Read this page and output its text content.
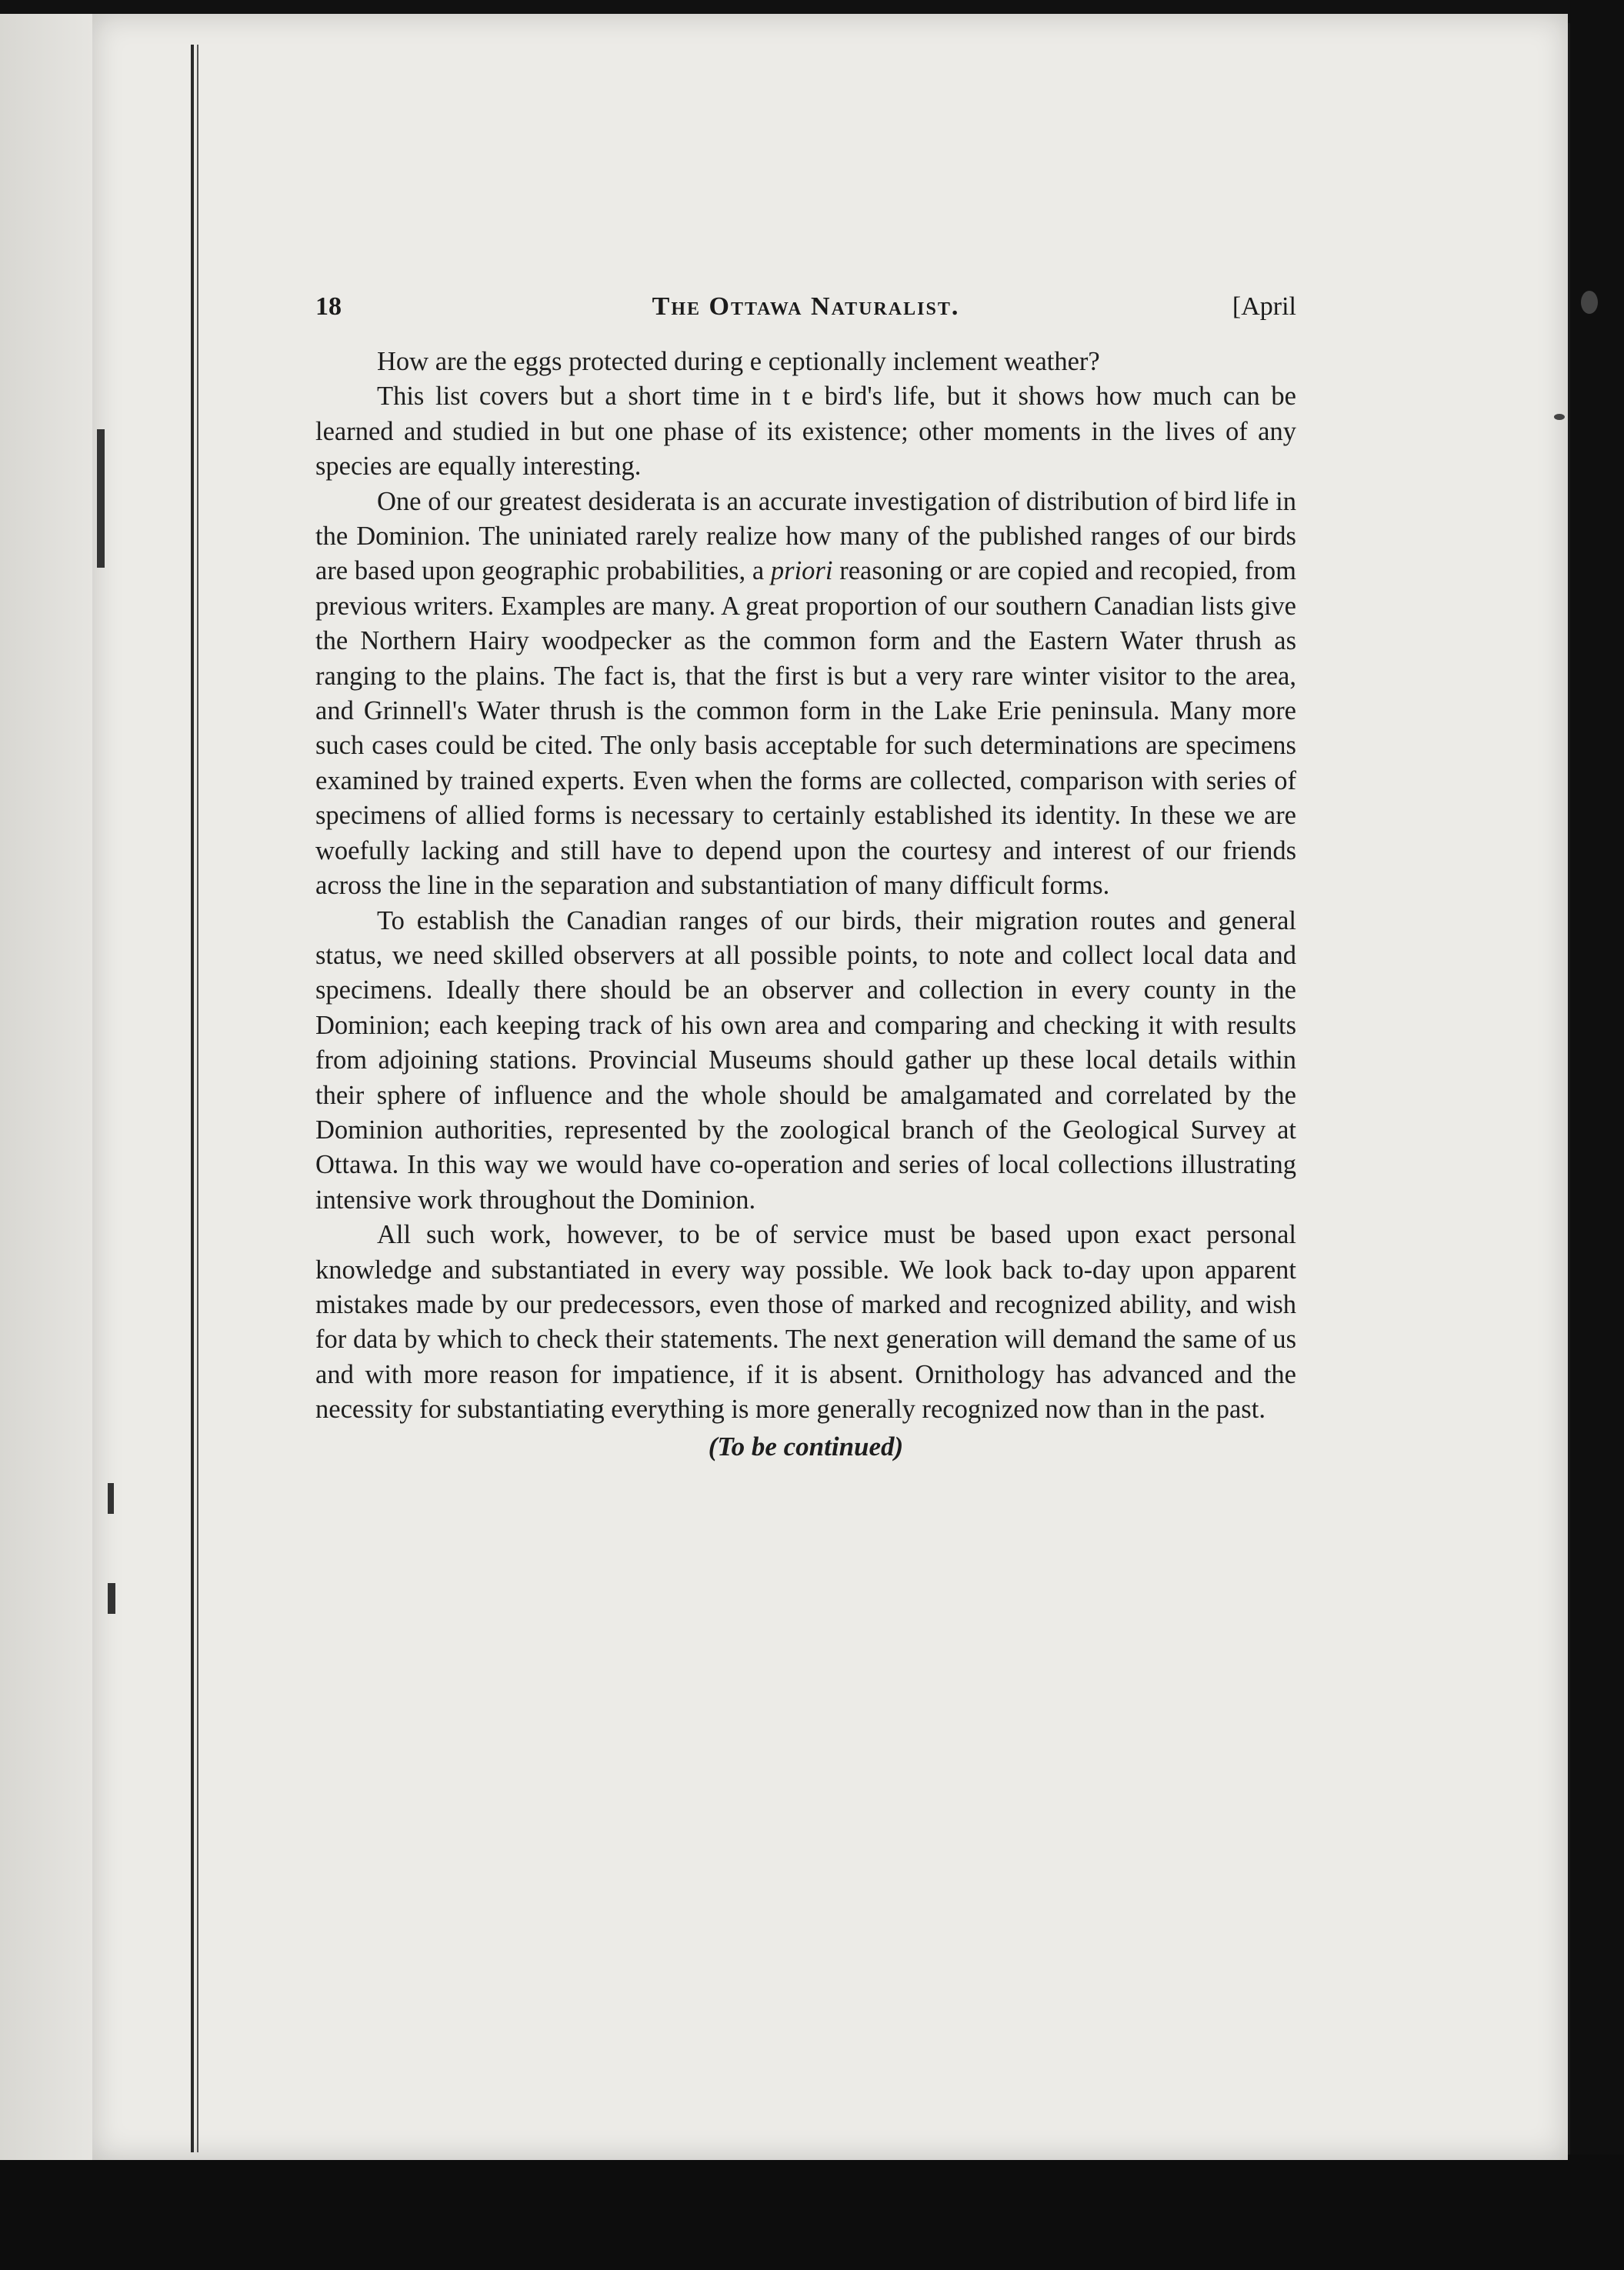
18	The Ottawa Naturalist.	[April

How are the eggs protected during e ceptionally inclement weather?

This list covers but a short time in t e bird's life, but it shows how much can be learned and studied in but one phase of its existence; other moments in the lives of any species are equally interesting.

One of our greatest desiderata is an accurate investigation of distribution of bird life in the Dominion. The uniniated rarely realize how many of the published ranges of our birds are based upon geographic probabilities, a priori reasoning or are copied and recopied, from previous writers. Examples are many. A great proportion of our southern Canadian lists give the Northern Hairy woodpecker as the common form and the Eastern Water thrush as ranging to the plains. The fact is, that the first is but a very rare winter visitor to the area, and Grinnell's Water thrush is the common form in the Lake Erie peninsula. Many more such cases could be cited. The only basis acceptable for such determinations are specimens examined by trained experts. Even when the forms are collected, comparison with series of specimens of allied forms is necessary to certainly established its identity. In these we are woefully lacking and still have to depend upon the courtesy and interest of our friends across the line in the separation and substantiation of many difficult forms.

To establish the Canadian ranges of our birds, their migration routes and general status, we need skilled observers at all possible points, to note and collect local data and specimens. Ideally there should be an observer and collection in every county in the Dominion; each keeping track of his own area and comparing and checking it with results from adjoining stations. Provincial Museums should gather up these local details within their sphere of influence and the whole should be amalgamated and correlated by the Dominion authorities, represented by the zoological branch of the Geological Survey at Ottawa. In this way we would have co-operation and series of local collections illustrating intensive work throughout the Dominion.

All such work, however, to be of service must be based upon exact personal knowledge and substantiated in every way possible. We look back to-day upon apparent mistakes made by our predecessors, even those of marked and recognized ability, and wish for data by which to check their statements. The next generation will demand the same of us and with more reason for impatience, if it is absent. Ornithology has advanced and the necessity for substantiating everything is more generally recognized now than in the past.

(To be continued)
